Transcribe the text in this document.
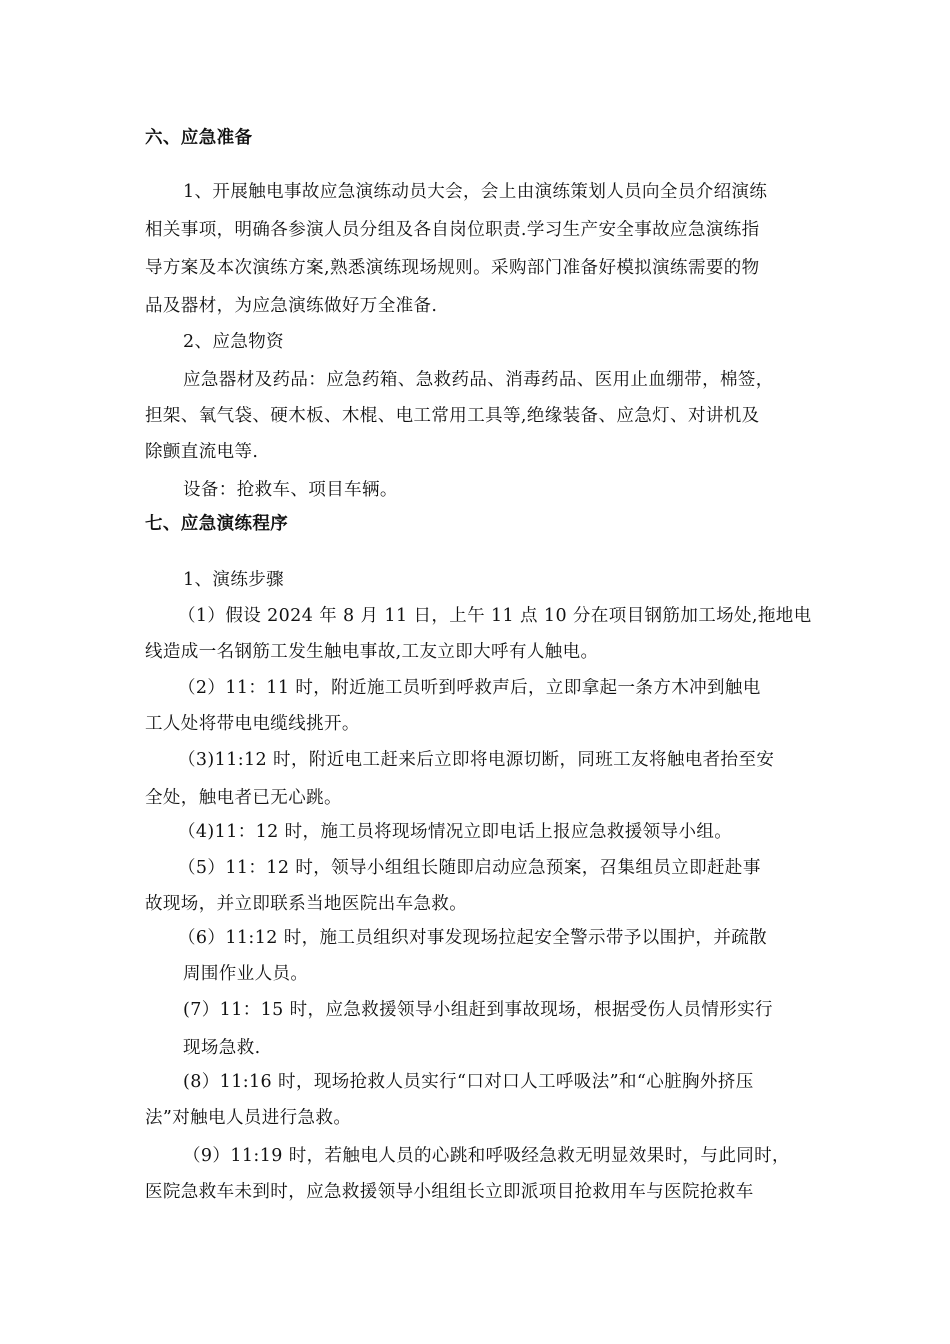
六、应急准备
1、开展触电事故应急演练动员大会，会上由演练策划人员向全员介绍演练
相关事项，明确各参演人员分组及各自岗位职责.学习生产安全事故应急演练指
导方案及本次演练方案,熟悉演练现场规则。采购部门准备好模拟演练需要的物
品及器材，为应急演练做好万全准备.
2、应急物资
应急器材及药品：应急药箱、急救药品、消毒药品、医用止血绷带，棉签，
担架、氧气袋、硬木板、木棍、电工常用工具等,绝缘装备、应急灯、对讲机及
除颤直流电等.
设备：抢救车、项目车辆。
七、应急演练程序
1、演练步骤
（1）假设 2024 年 8 月 11 日，上午 11 点 10 分在项目钢筋加工场处,拖地电
线造成一名钢筋工发生触电事故,工友立即大呼有人触电。
（2）11：11 时，附近施工员听到呼救声后，立即拿起一条方木冲到触电
工人处将带电电缆线挑开。
（3)11:12 时，附近电工赶来后立即将电源切断，同班工友将触电者抬至安
全处，触电者已无心跳。
（4)11：12 时，施工员将现场情况立即电话上报应急救援领导小组。
（5）11：12 时，领导小组组长随即启动应急预案，召集组员立即赶赴事
故现场，并立即联系当地医院出车急救。
（6）11:12 时，施工员组织对事发现场拉起安全警示带予以围护，并疏散
周围作业人员。
(7）11：15 时，应急救援领导小组赶到事故现场，根据受伤人员情形实行
现场急救.
(8）11:16 时，现场抢救人员实行“口对口人工呼吸法”和“心脏胸外挤压
法”对触电人员进行急救。
（9）11:19 时，若触电人员的心跳和呼吸经急救无明显效果时，与此同时，
医院急救车未到时，应急救援领导小组组长立即派项目抢救用车与医院抢救车
